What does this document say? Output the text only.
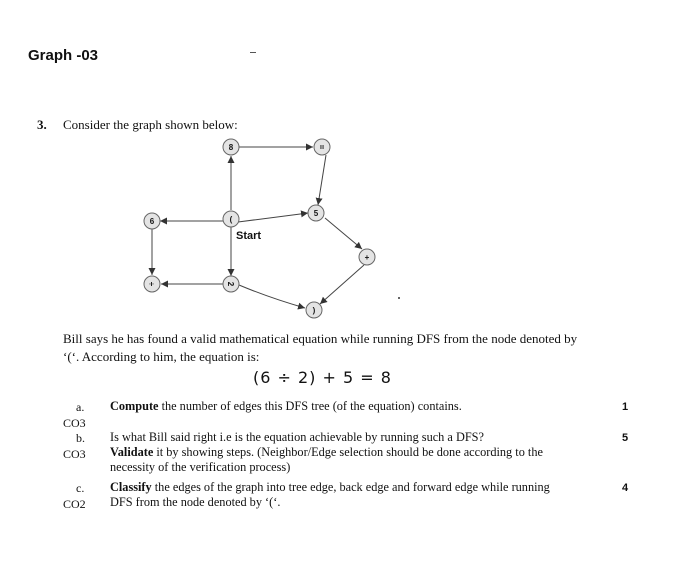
Graph -03
3. Consider the graph shown below:
8	=
5
(
6
+
÷	2
)
Start
Bill says he has found a valid mathematical equation while running DFS from the node denoted by
‘(‘. According to him, the equation is:
(6 ÷ 2) + 5 = 8
a.
CO3
Compute the number of edges this DFS tree (of the equation) contains.	1
b.
CO3
Is what Bill said right i.e is the equation achievable by running such a DFS?
Validate it by showing steps. (Neighbor/Edge selection should be done according to the
necessity of the verification process)
5
c.
CO2
Classify the edges of the graph into tree edge, back edge and forward edge while running
DFS from the node denoted by ‘(‘.
4
